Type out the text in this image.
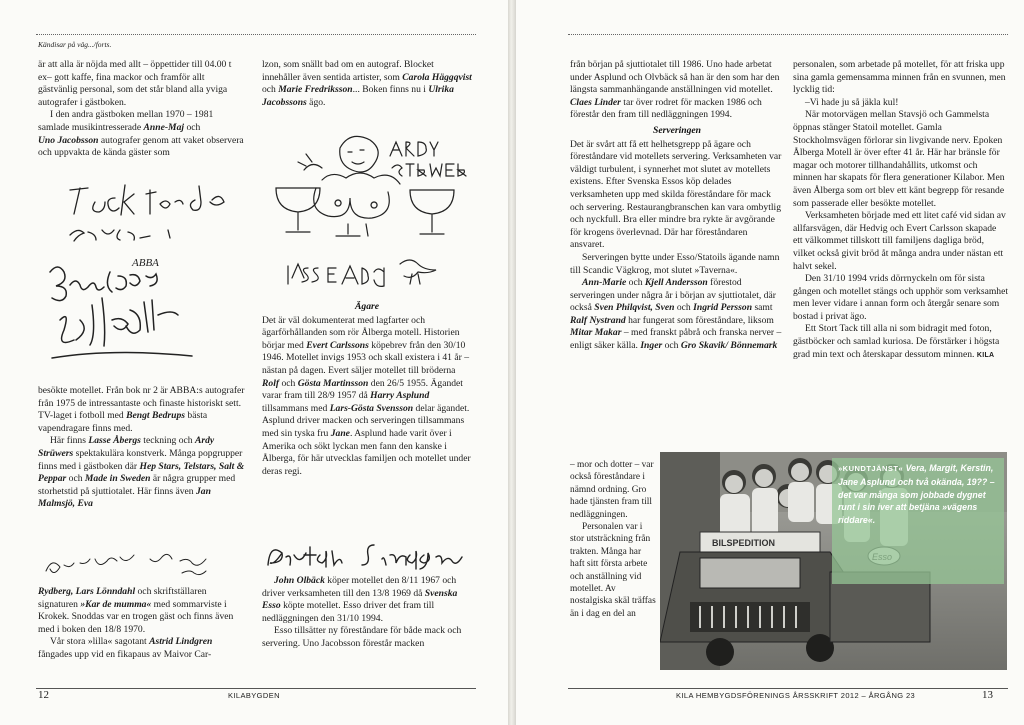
Kändisar på väg.../forts.

är att alla är nöjda med allt – öppettider till 04.00 t ex– gott kaffe, fina mackor och framför allt gästvänlig personal, som det står bland alla yviga autografer i gästboken.

I den andra gästboken mellan 1970 – 1981 samlade musikintresserade Anne-Maj och
Uno Jacobsson autografer genom att vaket observera och uppvakta de kända gäster som

ABBA

besökte motellet. Från bok nr 2 är ABBA:s autografer från 1975 de intressantaste och finaste historiskt sett. TV-laget i fotboll med Bengt Bedrups bästa vapendragare finns med.

Här finns Lasse Åbergs teckning och Ardy Strüwers spektakulära konstverk. Många popgrupper finns med i gästboken där Hep Stars, Telstars, Salt & Peppar och Made in Sweden är några grupper med storhetstid på sjuttiotalet. Här finns även Jan Malmsjö, Eva

Rydberg, Lars Lönndahl och skriftställaren signaturen »Kar de mumma« med sommarviste i Krokek. Snoddas var en trogen gäst och finns även med i boken den 18/8 1970.

Vår stora »lilla« sagotant Astrid Lindgren fångades upp vid en fikapaus av Maivor Car-

lzon, som snällt bad om en autograf. Blocket innehåller även sentida artister, som Carola Häggqvist och Marie Fredriksson... Boken finns nu i Ulrika Jacobssons ägo.

Ägare

Det är väl dokumenterat med lagfarter och ägarförhållanden som rör Ålberga motell. Historien börjar med Evert Carlssons köpebrev från den 30/10 1946. Motellet invigs 1953 och skall existera i 41 år – nästan på dagen. Evert säljer motellet till bröderna Rolf och Gösta Martinsson den 26/5 1955. Ägandet varar fram till 28/9 1957 då Harry Asplund tillsammans med Lars-Gösta Svensson delar ägandet. Asplund driver macken och serveringen tillsammans med sin tyska fru Jane. Asplund hade varit över i Amerika och sökt lyckan men fann den kanske i Ålberga, för här utvecklas familjen och motellet under deras regi.

John Olbäck köper motellet den 8/11 1967 och driver verksamheten till den 13/8 1969 då Svenska Esso köpte motellet. Esso driver det fram till nedläggningen den 31/10 1994.

Esso tillsätter ny föreståndare för både mack och servering. Uno Jacobsson förestår macken

från början på sjuttiotalet till 1986. Uno hade arbetat under Asplund och Olvbäck så han är den som har den längsta sammanhängande anställningen vid motellet. Claes Linder tar över rodret för macken 1986 och förestår den fram till nedläggningen 1994.

Serveringen

Det är svårt att få ett helhetsgrepp på ägare och föreståndare vid motellets servering. Verksamheten var väldigt turbulent, i synnerhet mot slutet av motellets existens. Efter Svenska Essos köp delades verksamheten upp med skilda föreståndare för mack och servering. Restaurangbranschen kan vara ombytlig och nyckfull. Bra eller mindre bra rykte är avgörande för krogens överlevnad. Där har föreståndaren ansvaret.

Serveringen bytte under Esso/Statoils ägande namn till Scandic Vägkrog, mot slutet »Taverna«.

Ann-Marie och Kjell Andersson förestod serveringen under några år i början av sjuttiotalet, där också Sven Philqvist, Sven och Ingrid Persson samt Ralf Nystrand har fungerat som föreståndare, liksom Mitar Makar – med franskt påbrå och franska nerver – enligt säker källa. Inger och Gro Skavik/ Bönnemark

– mor och dotter – var också föreståndare i nämnd ordning. Gro hade tjänsten fram till nedläggningen.

Personalen var i stor utsträckning från trakten. Många har haft sitt första arbete och anställning vid motellet. Av nostalgiska skäl träffas än i dag en del an

personalen, som arbetade på motellet, för att friska upp sina gamla gemensamma minnen från en svunnen, men lycklig tid:

–Vi hade ju så jäkla kul!

När motorvägen mellan Stavsjö och Gammelsta öppnas stänger Statoil motellet. Gamla Stockholmsvägen förlorar sin livgivande nerv. Epoken Ålberga Motell är över efter 41 år. Här har bränsle för magar och motorer tillhandahållits, utkomst och minnen har skapats för flera generationer Kilabor. Men även Ålberga som ort blev ett känt begrepp för resande som passerade eller besökte motellet.

Verksamheten började med ett litet café vid sidan av allfarsvägen, där Hedvig och Evert Carlsson skapade ett välkommet tillskott till familjens dagliga bröd, vilket också givit bröd åt många andra under nästan ett halvt sekel.

Den 31/10 1994 vrids dörrnyckeln om för sista gången och motellet stängs och upphör som verksamhet men lever vidare i annan form och återgår senare som bostad i privat ägo.

Ett Stort Tack till alla ni som bidragit med foton, gästböcker och samlad kuriosa. De förstärker i högsta grad min text och återskapar dessutom minnen. KILA

BILSPEDITION
»KUNDTJÄNST« Vera, Margit, Kerstin, Jane Asplund och två okända, 19?? – det var många som jobbade dygnet runt i sin iver att betjäna »vägens riddare«.
12	KILABYGDEN	KILA HEMBYGDSFÖRENINGS ÅRSSKRIFT 2012 – ÅRGÅNG 23	13
